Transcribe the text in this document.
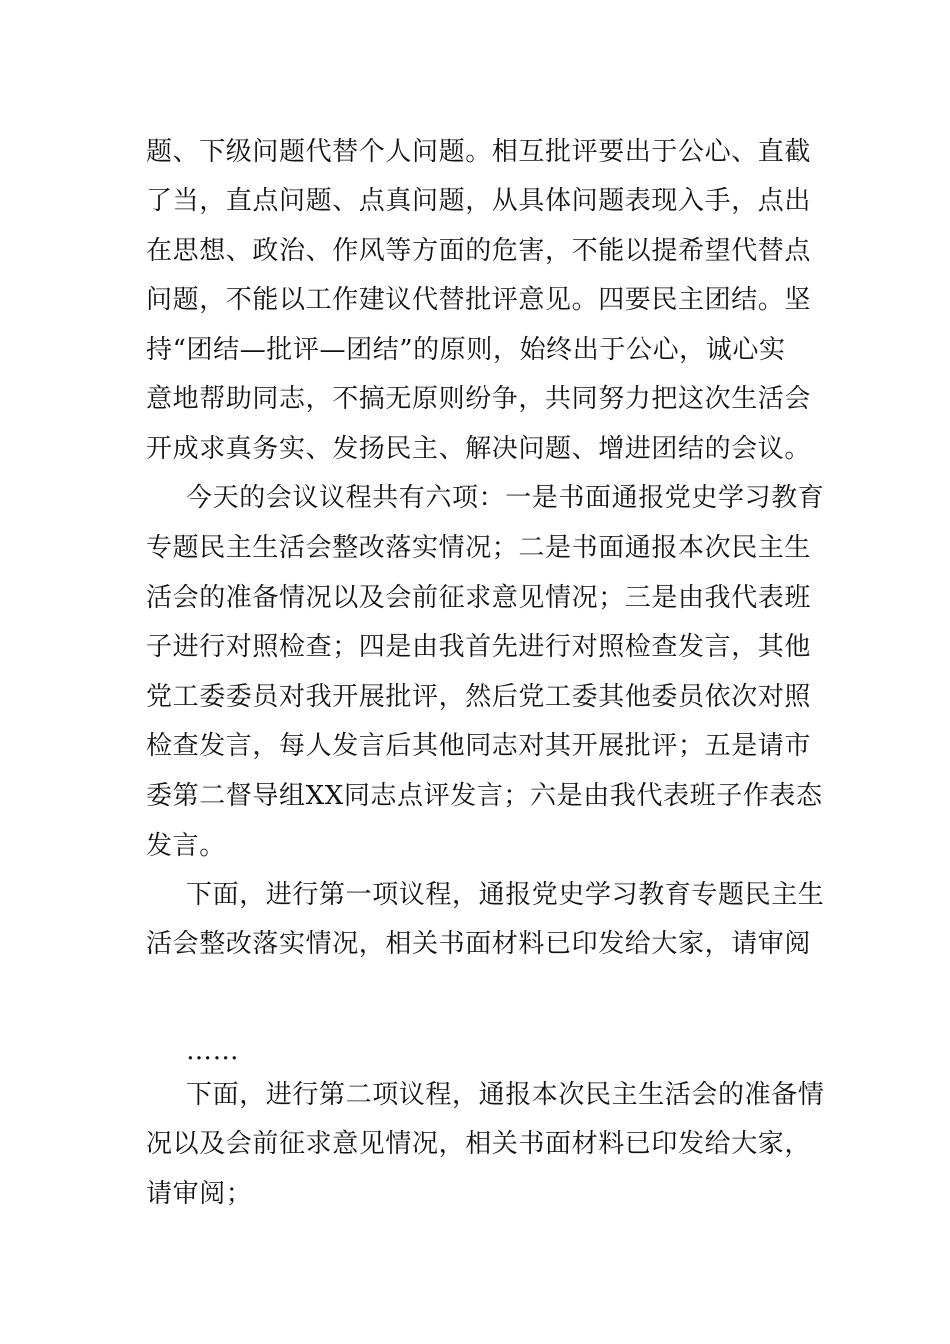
题、下级问题代替个人问题。相互批评要出于公心、直截
了当，直点问题、点真问题，从具体问题表现入手，点出
在思想、政治、作风等方面的危害，不能以提希望代替点
问题，不能以工作建议代替批评意见。四要民主团结。坚
持“团结—批评—团结”的原则，始终出于公心，诚心实
意地帮助同志，不搞无原则纷争，共同努力把这次生活会
开成求真务实、发扬民主、解决问题、增进团结的会议。
今天的会议议程共有六项：一是书面通报党史学习教育
专题民主生活会整改落实情况；二是书面通报本次民主生
活会的准备情况以及会前征求意见情况；三是由我代表班
子进行对照检查；四是由我首先进行对照检查发言，其他
党工委委员对我开展批评，然后党工委其他委员依次对照
检查发言，每人发言后其他同志对其开展批评；五是请市
委第二督导组XX同志点评发言；六是由我代表班子作表态
发言。
下面，进行第一项议程，通报党史学习教育专题民主生
活会整改落实情况，相关书面材料已印发给大家，请审阅
……
下面，进行第二项议程，通报本次民主生活会的准备情
况以及会前征求意见情况，相关书面材料已印发给大家，
请审阅；
